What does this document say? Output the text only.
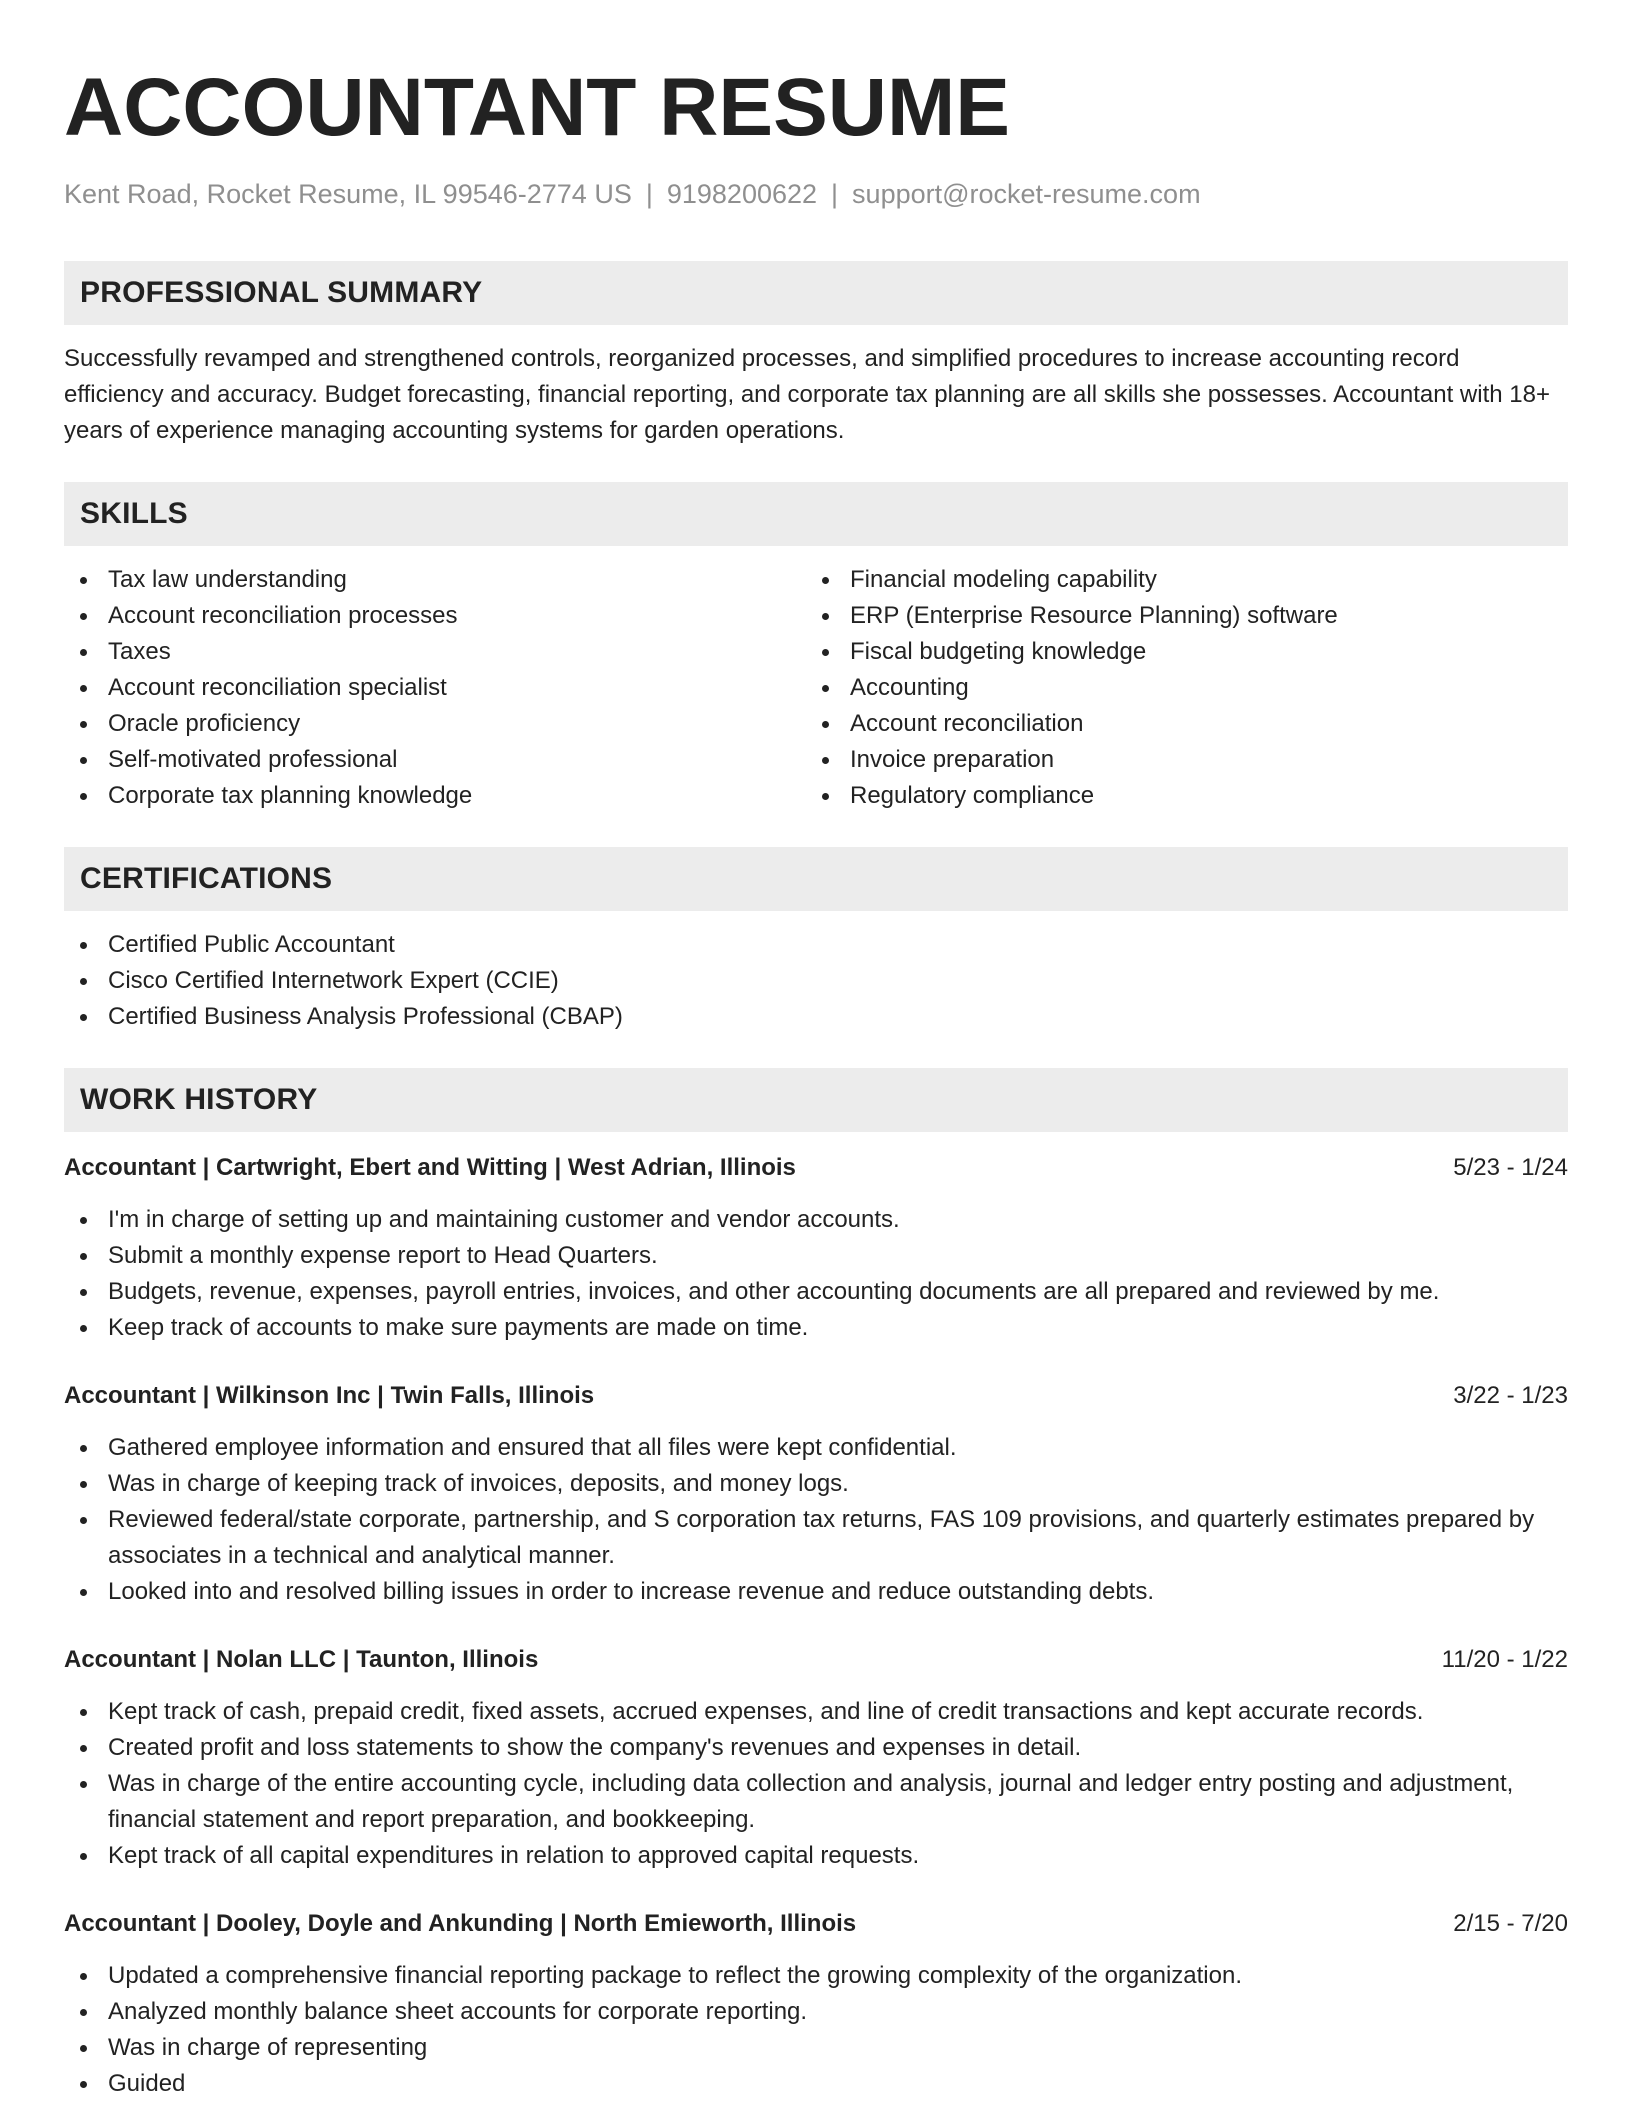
ACCOUNTANT RESUME
Kent Road, Rocket Resume, IL 99546-2774 US | 9198200622 | support@rocket-resume.com
PROFESSIONAL SUMMARY

Successfully revamped and strengthened controls, reorganized processes, and simplified procedures to increase accounting record efficiency and accuracy. Budget forecasting, financial reporting, and corporate tax planning are all skills she possesses. Accountant with 18+ years of experience managing accounting systems for garden operations.

SKILLS
Tax law understanding
Account reconciliation processes
Taxes
Account reconciliation specialist
Oracle proficiency
Self-motivated professional
Corporate tax planning knowledge
Financial modeling capability
ERP (Enterprise Resource Planning) software
Fiscal budgeting knowledge
Accounting
Account reconciliation
Invoice preparation
Regulatory compliance
CERTIFICATIONS
Certified Public Accountant
Cisco Certified Internetwork Expert (CCIE)
Certified Business Analysis Professional (CBAP)
WORK HISTORY
Accountant | Cartwright, Ebert and Witting | West Adrian, Illinois	5/23 - 1/24
I'm in charge of setting up and maintaining customer and vendor accounts.
Submit a monthly expense report to Head Quarters.
Budgets, revenue, expenses, payroll entries, invoices, and other accounting documents are all prepared and reviewed by me.
Keep track of accounts to make sure payments are made on time.
Accountant | Wilkinson Inc | Twin Falls, Illinois	3/22 - 1/23
Gathered employee information and ensured that all files were kept confidential.
Was in charge of keeping track of invoices, deposits, and money logs.
Reviewed federal/state corporate, partnership, and S corporation tax returns, FAS 109 provisions, and quarterly estimates prepared by associates in a technical and analytical manner.
Looked into and resolved billing issues in order to increase revenue and reduce outstanding debts.
Accountant | Nolan LLC | Taunton, Illinois	11/20 - 1/22
Kept track of cash, prepaid credit, fixed assets, accrued expenses, and line of credit transactions and kept accurate records.
Created profit and loss statements to show the company's revenues and expenses in detail.
Was in charge of the entire accounting cycle, including data collection and analysis, journal and ledger entry posting and adjustment, financial statement and report preparation, and bookkeeping.
Kept track of all capital expenditures in relation to approved capital requests.
Accountant | Dooley, Doyle and Ankunding | North Emieworth, Illinois	2/15 - 7/20
Updated a comprehensive financial reporting package to reflect the growing complexity of the organization.
Analyzed monthly balance sheet accounts for corporate reporting.
Was in charge of representing
Guided
